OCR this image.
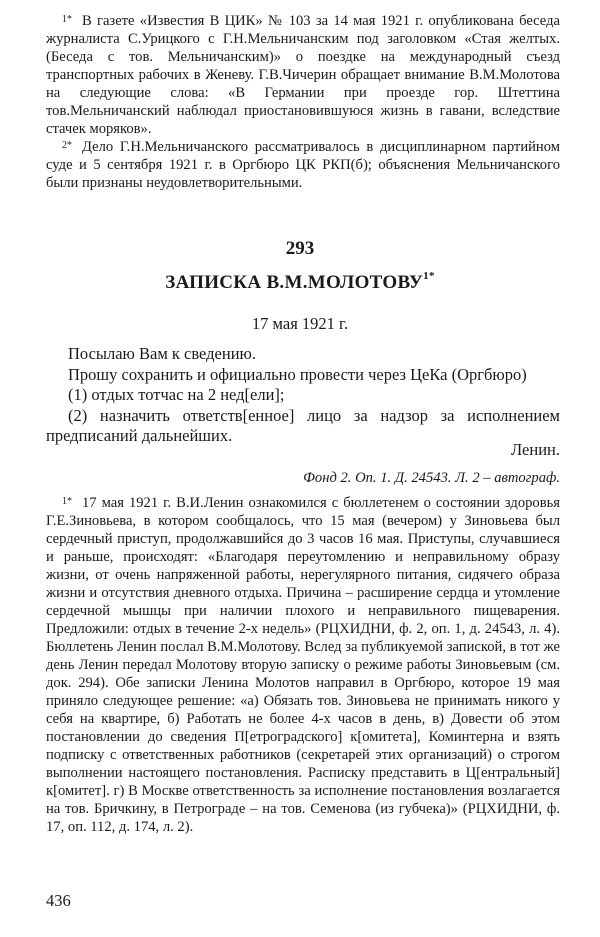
$^{1*}$ В газете «Известия В ЦИК» № 103 за 14 мая 1921 г. опубликована беседа журналиста С.Урицкого с Г.Н.Мельничанским под заголовком «Стая желтых. (Беседа с тов. Мельничанским)» о поездке на международный съезд транспортных рабочих в Женеву. Г.В.Чичерин обращает внимание В.М.Молотова на следующие слова: «В Германии при проезде гор. Штеттина тов.Мельничанский наблюдал приостановившуюся жизнь в гавани, вследствие стачек моряков».

$^{2*}$ Дело Г.Н.Мельничанского рассматривалось в дисциплинарном партийном суде и 5 сентября 1921 г. в Оргбюро ЦК РКП(б); объяснения Мельничанского были признаны неудовлетворительными.

293
ЗАПИСКА $В.М.МОЛОТОВУ^{1*}$
17 мая 1921 г.

Посылаю Вам к сведению.

Прошу сохранить и официально провести через ЦеКа (Оргбюро)

(1) отдых тотчас на 2 нед[ели];

(2) назначить ответств[енное] лицо за надзор за исполнением предписаний дальнейших.

Ленин.
Фонд 2. Оп. 1. Д. 24543. Л. 2 – автограф.

$^{1*}$ 17 мая 1921 г. В.И.Ленин ознакомился с бюллетенем о состоянии здоровья Г.Е.Зиновьева, в котором сообщалось, что 15 мая (вечером) у Зиновьева был сердечный приступ, продолжавшийся до 3 часов 16 мая. Приступы, случавшиеся и раньше, происходят: «Благодаря переутомлению и неправильному образу жизни, от очень напряженной работы, нерегулярного питания, сидячего образа жизни и отсутствия дневного отдыха. Причина – расширение сердца и утомление сердечной мышцы при наличии плохого и неправильного пищеварения. Предложили: отдых в течение 2-х недель» (РЦХИДНИ, ф. 2, оп. 1, д. 24543, л. 4). Бюллетень Ленин послал В.М.Молотову. Вслед за публикуемой запиской, в тот же день Ленин передал Молотову вторую записку о режиме работы Зиновьевым (см. док. 294). Обе записки Ленина Молотов направил в Оргбюро, которое 19 мая приняло следующее решение: «а) Обязать тов. Зиновьева не принимать никого у себя на квартире, б) Работать не более 4-х часов в день, в) Довести об этом постановлении до сведения П[етроградского] к[омитета], Коминтерна и взять подписку с ответственных работников (секретарей этих организаций) о строгом выполнении настоящего постановления. Расписку представить в Ц[ентральный] к[омитет]. г) В Москве ответственность за исполнение постановления возлагается на тов. Бричкину, в Петрограде – на тов. Семенова (из губчека)» (РЦХИДНИ, ф. 17, оп. 112, д. 174, л. 2).

436
